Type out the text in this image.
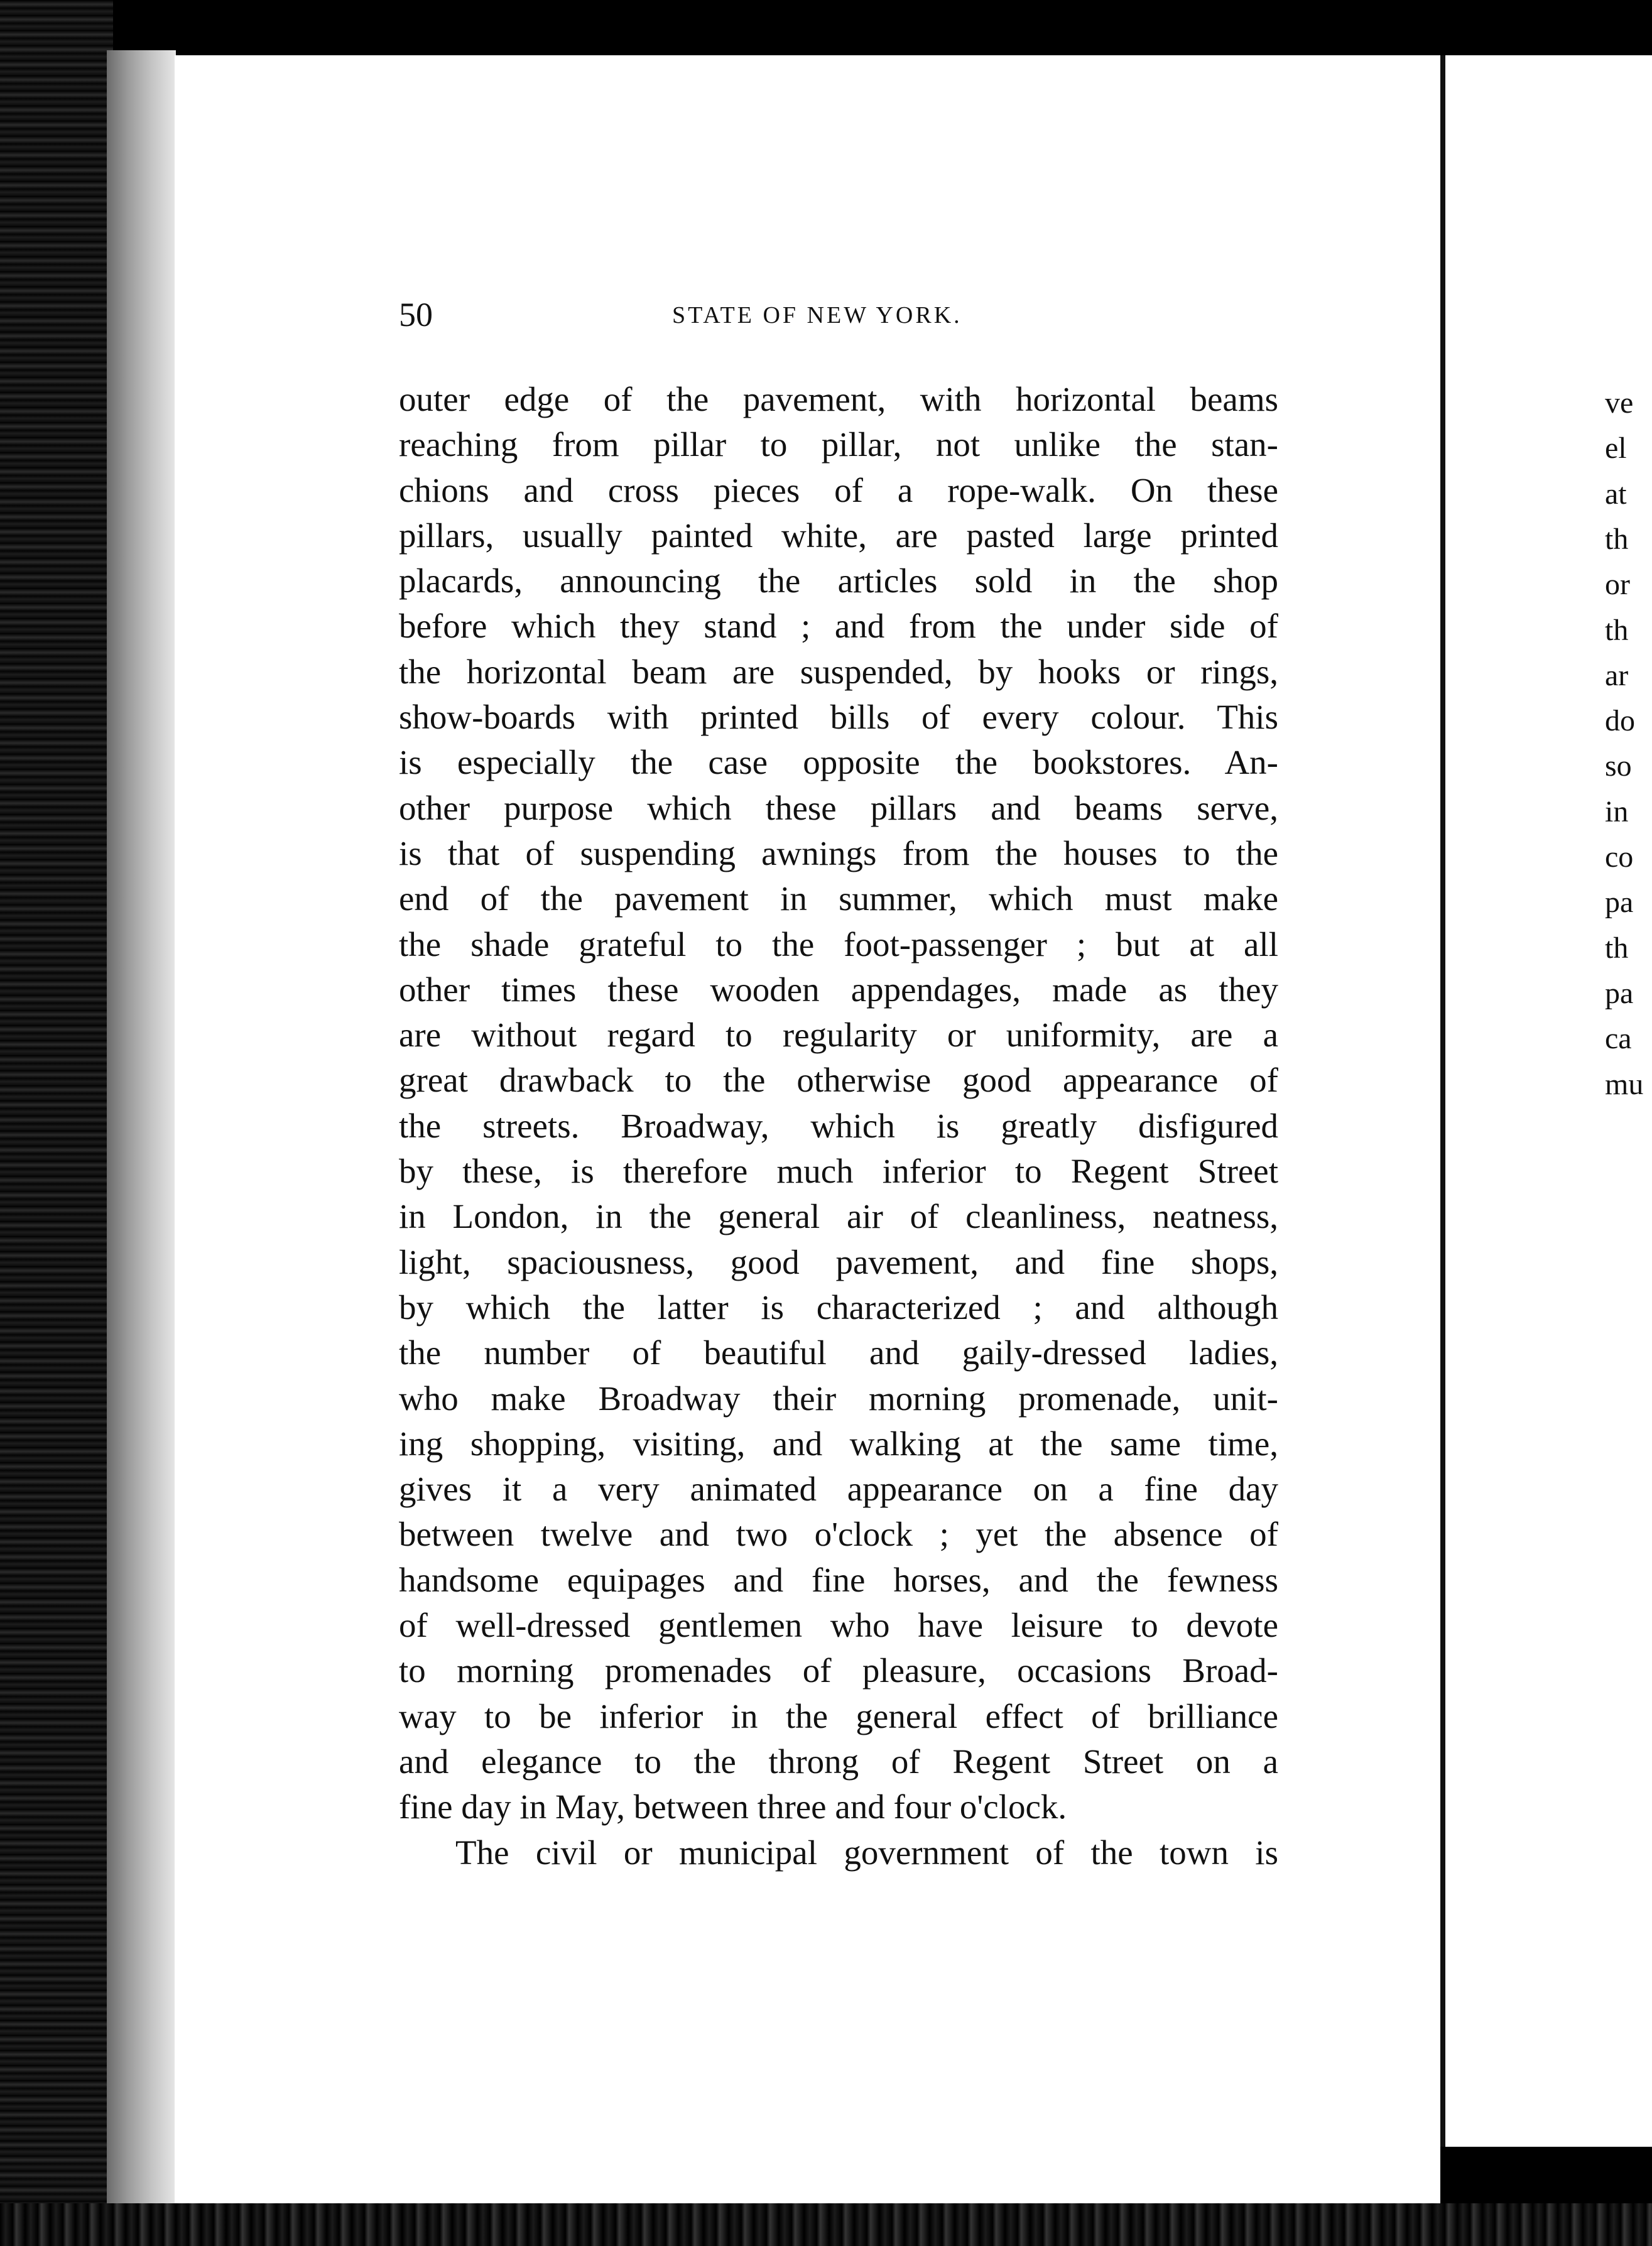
ve
el
at
th
or
th
ar
do
so
in
co
pa
th
pa
ca
mu
50	STATE OF NEW YORK.
outer edge of the pavement, with horizontal beams
reaching from pillar to pillar, not unlike the stan-
chions and cross pieces of a rope-walk. On these
pillars, usually painted white, are pasted large printed
placards, announcing the articles sold in the shop
before which they stand ; and from the under side of
the horizontal beam are suspended, by hooks or rings,
show-boards with printed bills of every colour. This
is especially the case opposite the bookstores. An-
other purpose which these pillars and beams serve,
is that of suspending awnings from the houses to the
end of the pavement in summer, which must make
the shade grateful to the foot-passenger ; but at all
other times these wooden appendages, made as they
are without regard to regularity or uniformity, are a
great drawback to the otherwise good appearance of
the streets. Broadway, which is greatly disfigured
by these, is therefore much inferior to Regent Street
in London, in the general air of cleanliness, neatness,
light, spaciousness, good pavement, and fine shops,
by which the latter is characterized ; and although
the number of beautiful and gaily-dressed ladies,
who make Broadway their morning promenade, unit-
ing shopping, visiting, and walking at the same time,
gives it a very animated appearance on a fine day
between twelve and two o'clock ; yet the absence of
handsome equipages and fine horses, and the fewness
of well-dressed gentlemen who have leisure to devote
to morning promenades of pleasure, occasions Broad-
way to be inferior in the general effect of brilliance
and elegance to the throng of Regent Street on a
fine day in May, between three and four o'clock.
The civil or municipal government of the town is
